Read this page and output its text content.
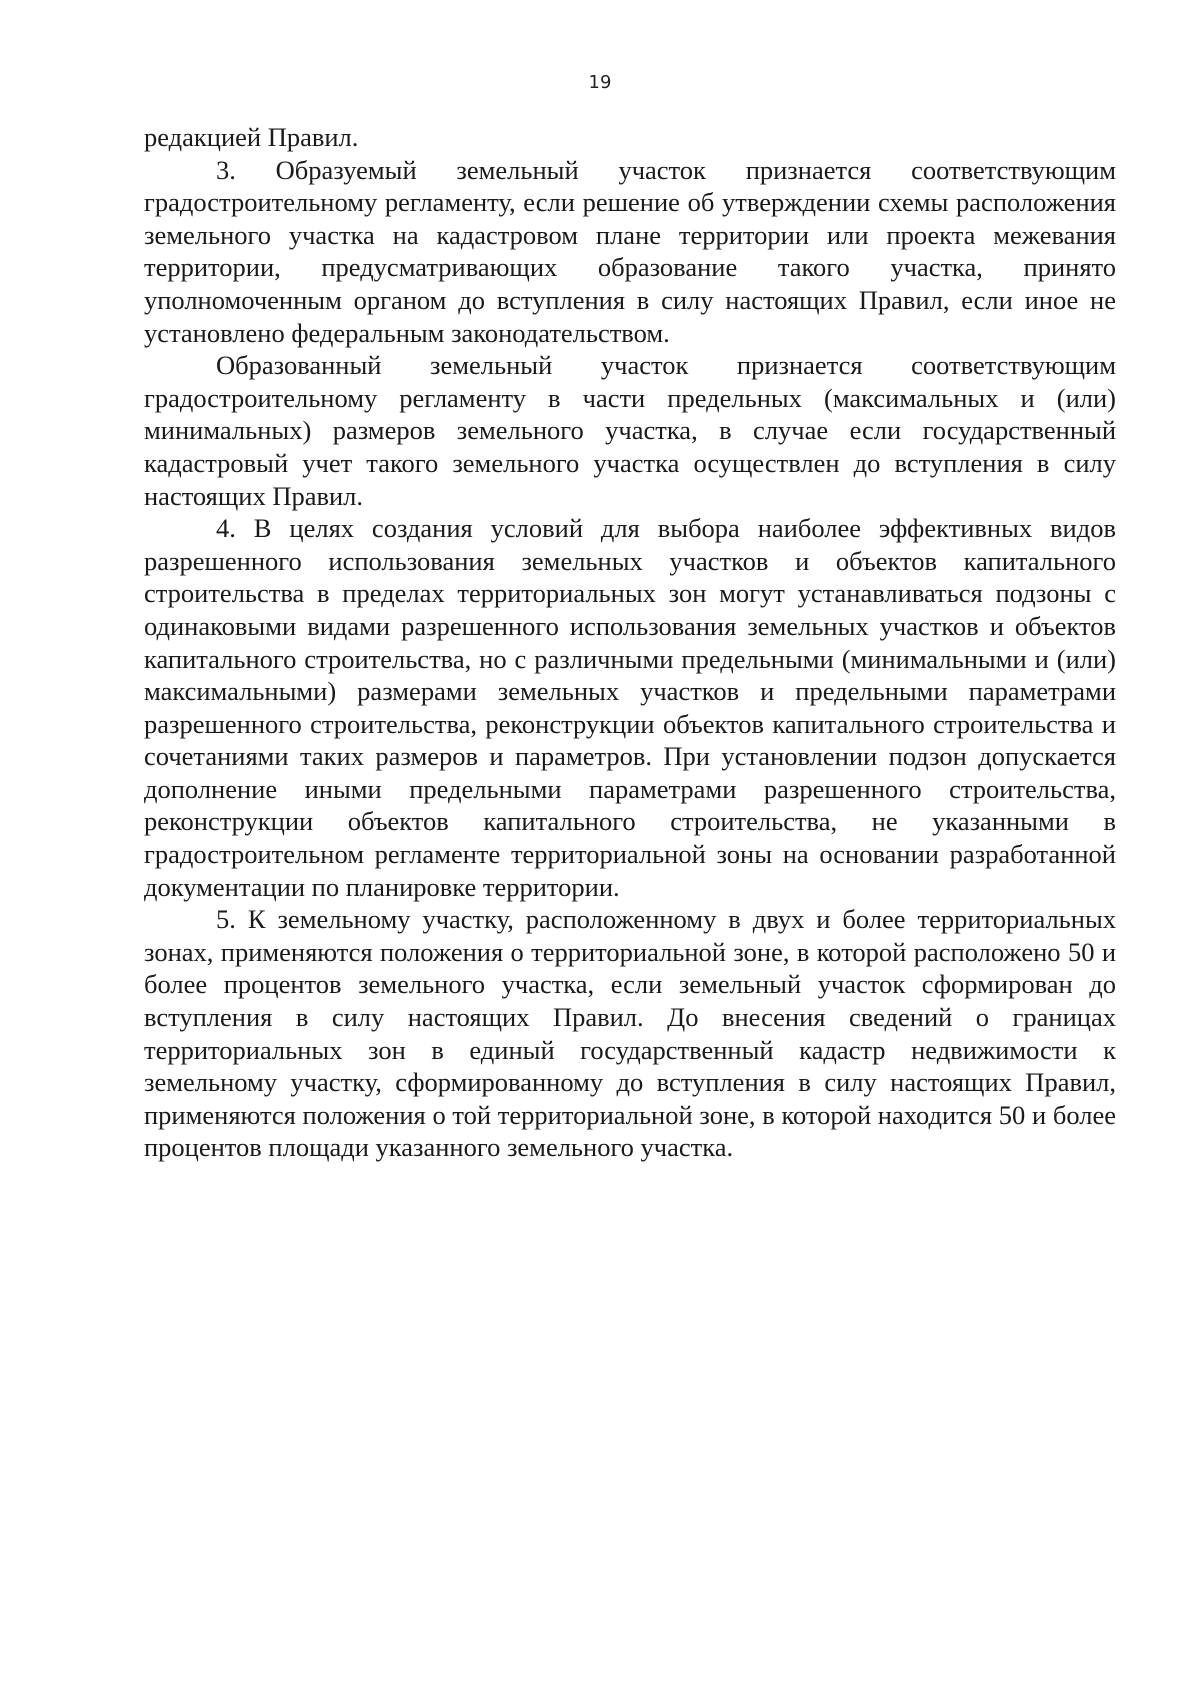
19

редакцией Правил.

3. Образуемый земельный участок признается соответствующим градостроительному регламенту, если решение об утверждении схемы расположения земельного участка на кадастровом плане территории или проекта межевания территории, предусматривающих образование такого участка, принято уполномоченным органом до вступления в силу настоящих Правил, если иное не установлено федеральным законодательством.

Образованный земельный участок признается соответствующим градостроительному регламенту в части предельных (максимальных и (или) минимальных) размеров земельного участка, в случае если государственный кадастровый учет такого земельного участка осуществлен до вступления в силу настоящих Правил.

4. В целях создания условий для выбора наиболее эффективных видов разрешенного использования земельных участков и объектов капитального строительства в пределах территориальных зон могут устанавливаться подзоны с одинаковыми видами разрешенного использования земельных участков и объектов капитального строительства, но с различными предельными (минимальными и (или) максимальными) размерами земельных участков и предельными параметрами разрешенного строительства, реконструкции объектов капитального строительства и сочетаниями таких размеров и параметров. При установлении подзон допускается дополнение иными предельными параметрами разрешенного строительства, реконструкции объектов капитального строительства, не указанными в градостроительном регламенте территориальной зоны на основании разработанной документации по планировке территории.

5. К земельному участку, расположенному в двух и более территориальных зонах, применяются положения о территориальной зоне, в которой расположено 50 и более процентов земельного участка, если земельный участок сформирован до вступления в силу настоящих Правил. До внесения сведений о границах территориальных зон в единый государственный кадастр недвижимости к земельному участку, сформированному до вступления в силу настоящих Правил, применяются положения о той территориальной зоне, в которой находится 50 и более процентов площади указанного земельного участка.
